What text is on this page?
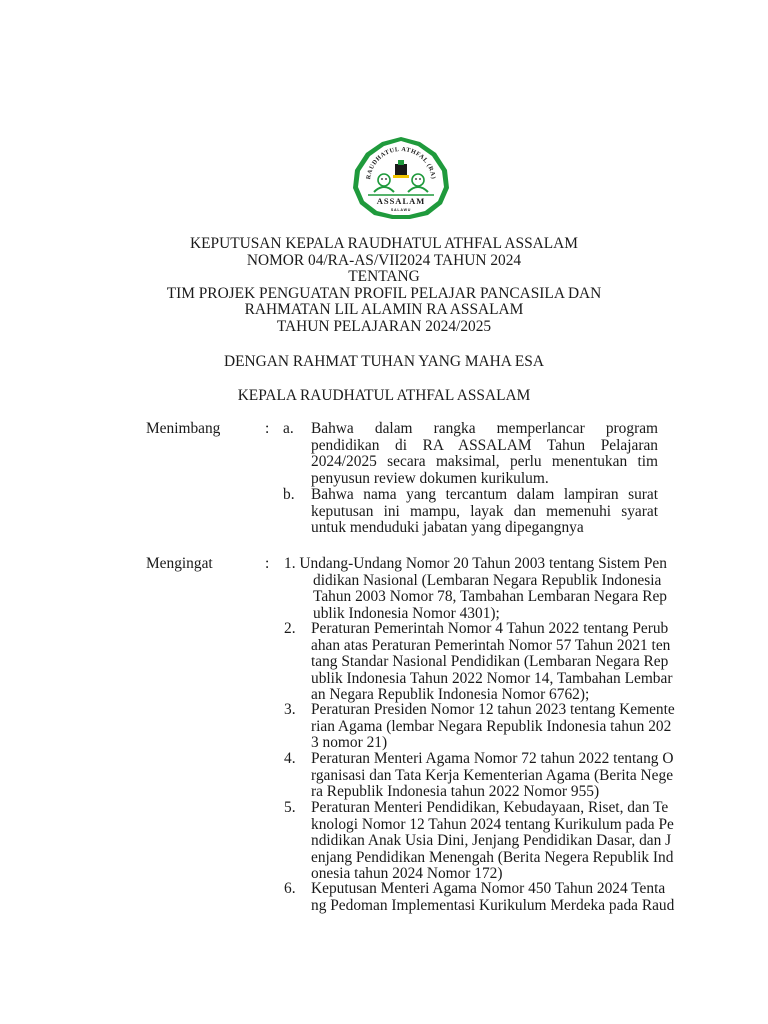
RAUDHATUL ATHFAL (RA)
ASSALAM
SALAWU
KEPUTUSAN KEPALA RAUDHATUL ATHFAL ASSALAM
NOMOR 04/RA-AS/VII2024 TAHUN 2024
TENTANG
TIM PROJEK PENGUATAN PROFIL PELAJAR PANCASILA DAN
RAHMATAN LIL ALAMIN RA ASSALAM
TAHUN PELAJARAN 2024/2025
DENGAN RAHMAT TUHAN YANG MAHA ESA
KEPALA RAUDHATUL ATHFAL ASSALAM
Menimbang	: a. Bahwa dalam rangka memperlancar program
pendidikan di RA ASSALAM Tahun Pelajaran
2024/2025 secara maksimal, perlu menentukan tim
penyusun review dokumen kurikulum.
b. Bahwa nama yang tercantum dalam lampiran surat
keputusan ini mampu, layak dan memenuhi syarat
untuk menduduki jabatan yang dipegangnya
Mengingat	: 1. Undang-Undang Nomor 20 Tahun 2003 tentang Sistem Pen
didikan Nasional (Lembaran Negara Republik Indonesia
Tahun 2003 Nomor 78, Tambahan Lembaran Negara Rep
ublik Indonesia Nomor 4301);
2. Peraturan Pemerintah Nomor 4 Tahun 2022 tentang Perub
ahan atas Peraturan Pemerintah Nomor 57 Tahun 2021 ten
tang Standar Nasional Pendidikan (Lembaran Negara Rep
ublik Indonesia Tahun 2022 Nomor 14, Tambahan Lembar
an Negara Republik Indonesia Nomor 6762);
3. Peraturan Presiden Nomor 12 tahun 2023 tentang Kemente
rian Agama (lembar Negara Republik Indonesia tahun 202
3 nomor 21)
4. Peraturan Menteri Agama Nomor 72 tahun 2022 tentang O
rganisasi dan Tata Kerja Kementerian Agama (Berita Nege
ra Republik Indonesia tahun 2022 Nomor 955)
5. Peraturan Menteri Pendidikan, Kebudayaan, Riset, dan Te
knologi Nomor 12 Tahun 2024 tentang Kurikulum pada Pe
ndidikan Anak Usia Dini, Jenjang Pendidikan Dasar, dan J
enjang Pendidikan Menengah (Berita Negera Republik Ind
onesia tahun 2024 Nomor 172)
6. Keputusan Menteri Agama Nomor 450 Tahun 2024 Tenta
ng Pedoman Implementasi Kurikulum Merdeka pada Raud
